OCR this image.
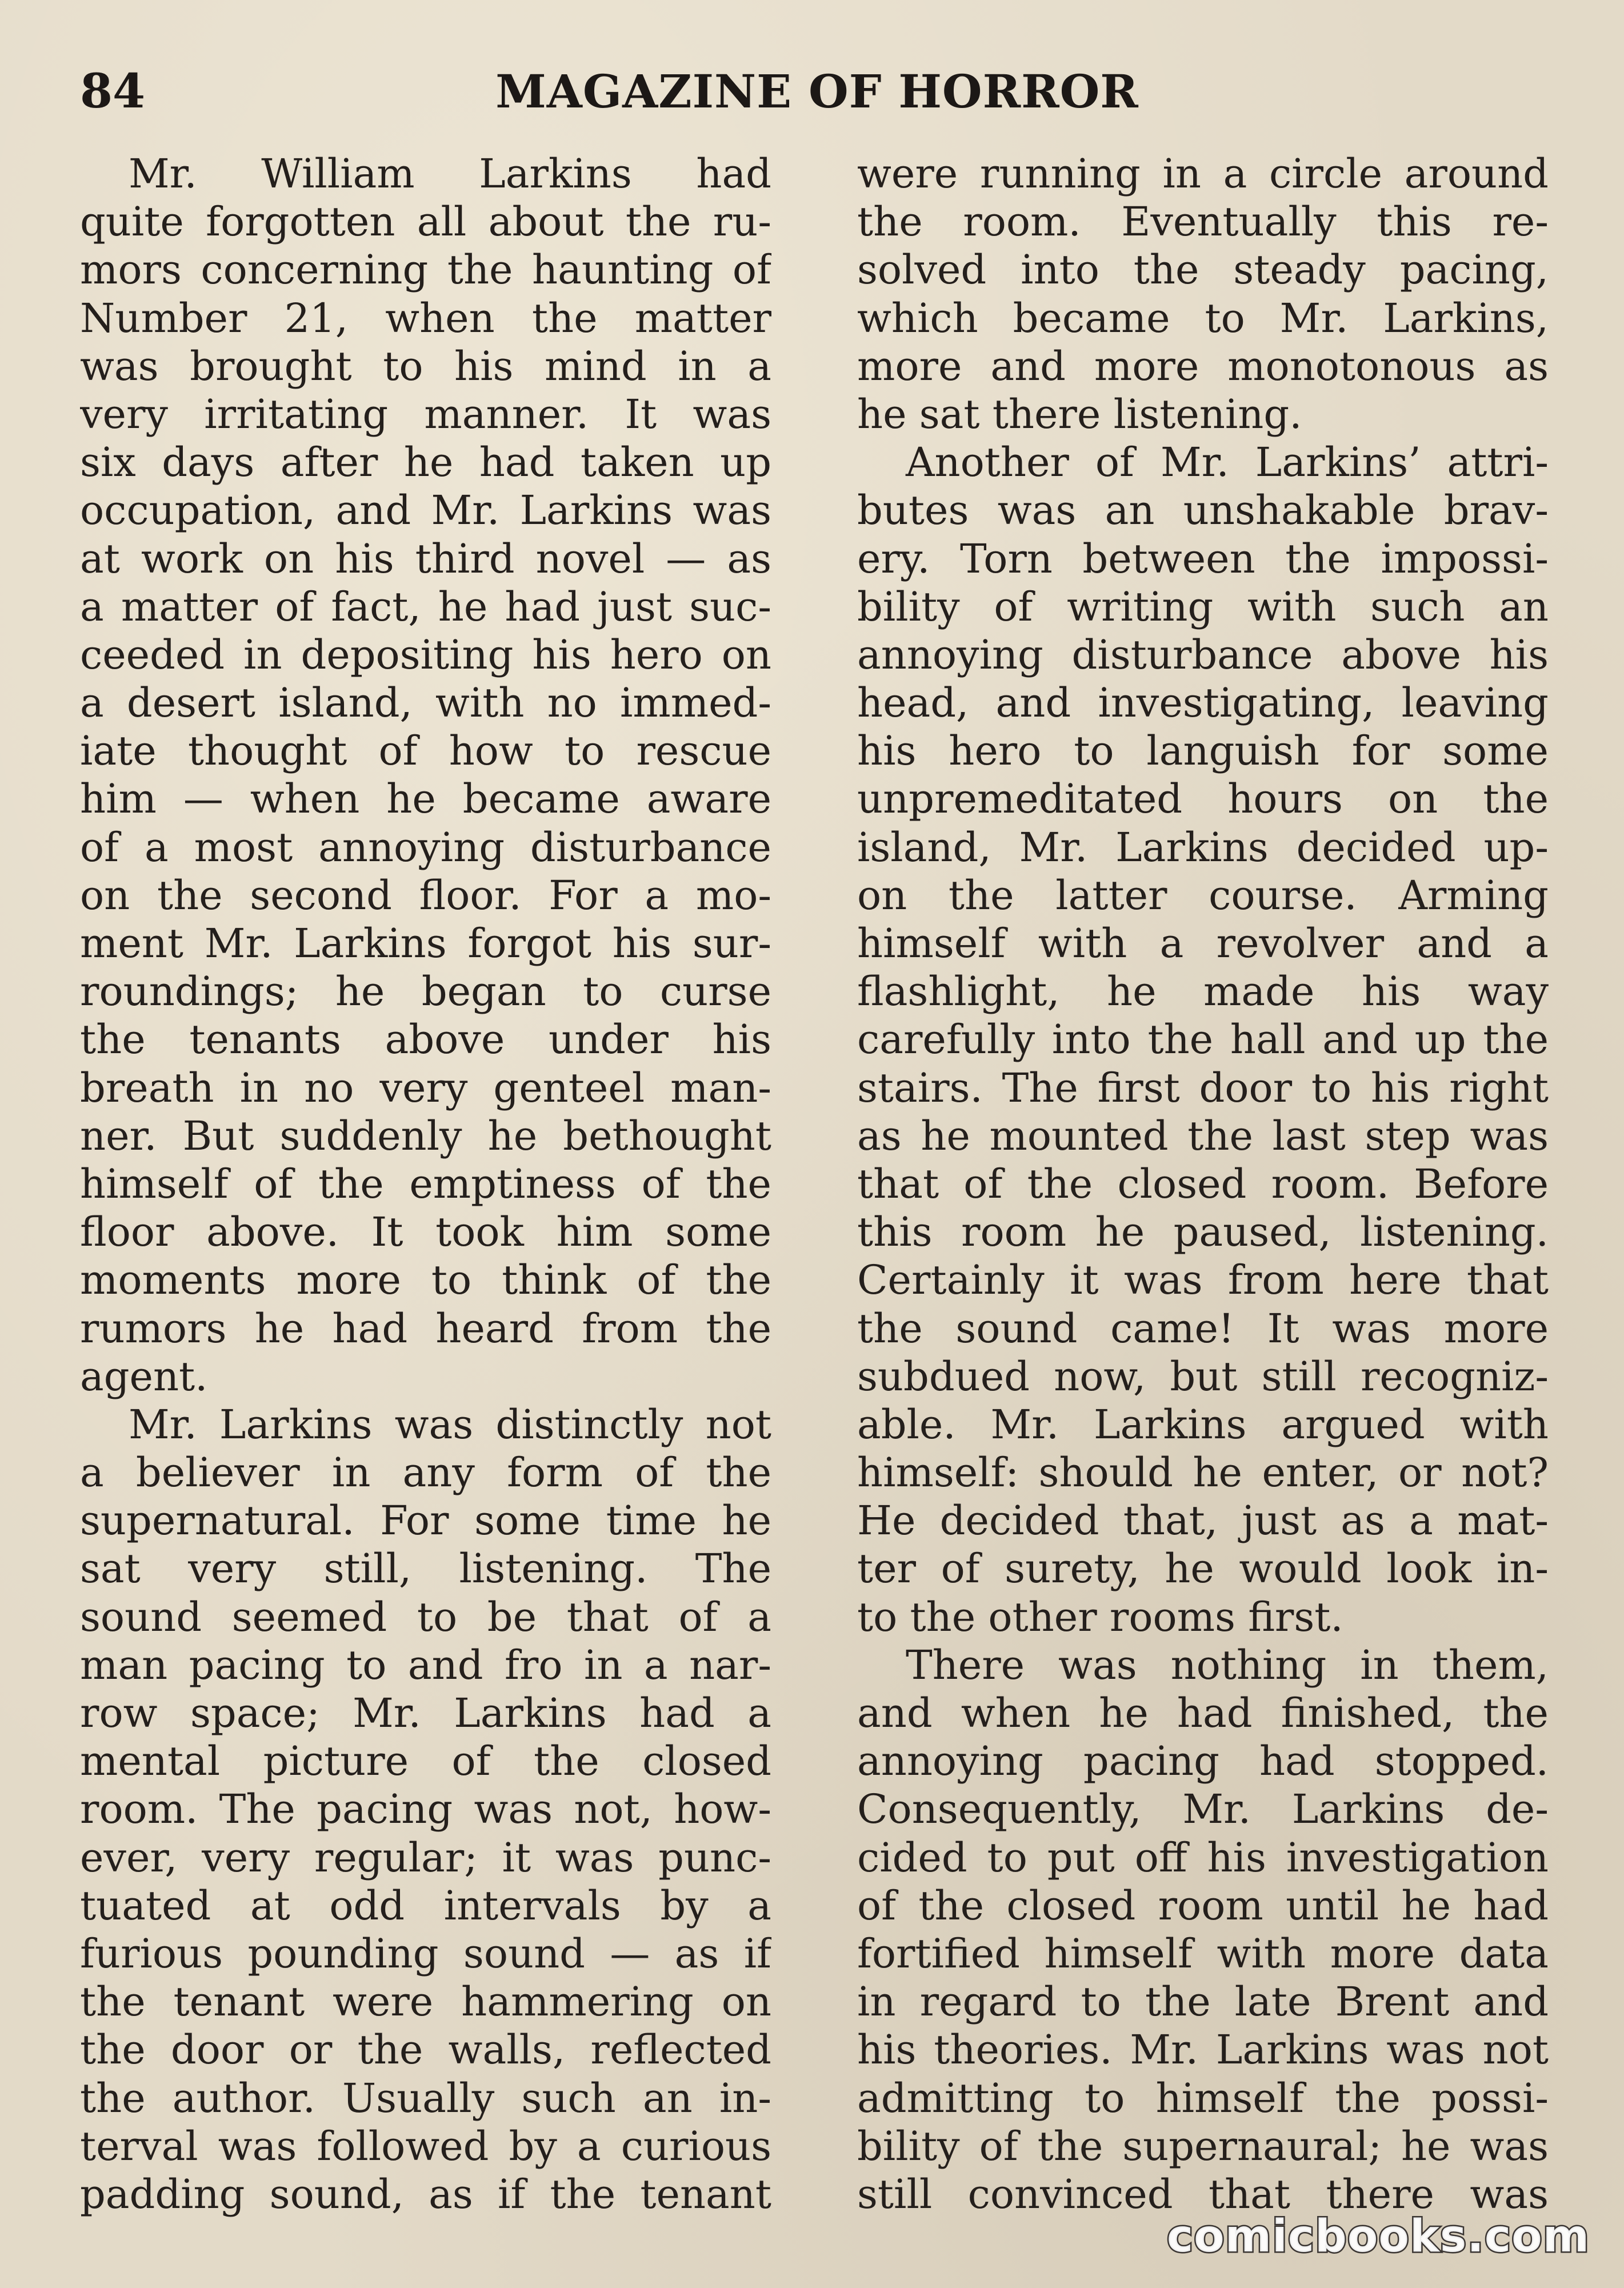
84	MAGAZINE OF HORROR
Mr. William Larkins had
quite forgotten all about the ru-
mors concerning the haunting of
Number 21, when the matter
was brought to his mind in a
very irritating manner. It was
six days after he had taken up
occupation, and Mr. Larkins was
at work on his third novel — as
a matter of fact, he had just suc-
ceeded in depositing his hero on
a desert island, with no immed-
iate thought of how to rescue
him — when he became aware
of a most annoying disturbance
on the second floor. For a mo-
ment Mr. Larkins forgot his sur-
roundings; he began to curse
the tenants above under his
breath in no very genteel man-
ner. But suddenly he bethought
himself of the emptiness of the
floor above. It took him some
moments more to think of the
rumors he had heard from the
agent.
Mr. Larkins was distinctly not
a believer in any form of the
supernatural. For some time he
sat very still, listening. The
sound seemed to be that of a
man pacing to and fro in a nar-
row space; Mr. Larkins had a
mental picture of the closed
room. The pacing was not, how-
ever, very regular; it was punc-
tuated at odd intervals by a
furious pounding sound — as if
the tenant were hammering on
the door or the walls, reflected
the author. Usually such an in-
terval was followed by a curious
padding sound, as if the tenant
were running in a circle around
the room. Eventually this re-
solved into the steady pacing,
which became to Mr. Larkins,
more and more monotonous as
he sat there listening.
Another of Mr. Larkins’ attri-
butes was an unshakable brav-
ery. Torn between the impossi-
bility of writing with such an
annoying disturbance above his
head, and investigating, leaving
his hero to languish for some
unpremeditated hours on the
island, Mr. Larkins decided up-
on the latter course. Arming
himself with a revolver and a
flashlight, he made his way
carefully into the hall and up the
stairs. The first door to his right
as he mounted the last step was
that of the closed room. Before
this room he paused, listening.
Certainly it was from here that
the sound came! It was more
subdued now, but still recogniz-
able. Mr. Larkins argued with
himself: should he enter, or not?
He decided that, just as a mat-
ter of surety, he would look in-
to the other rooms first.
There was nothing in them,
and when he had finished, the
annoying pacing had stopped.
Consequently, Mr. Larkins de-
cided to put off his investigation
of the closed room until he had
fortified himself with more data
in regard to the late Brent and
his theories. Mr. Larkins was not
admitting to himself the possi-
bility of the supernaural; he was
still convinced that there was
comicbooks.com
